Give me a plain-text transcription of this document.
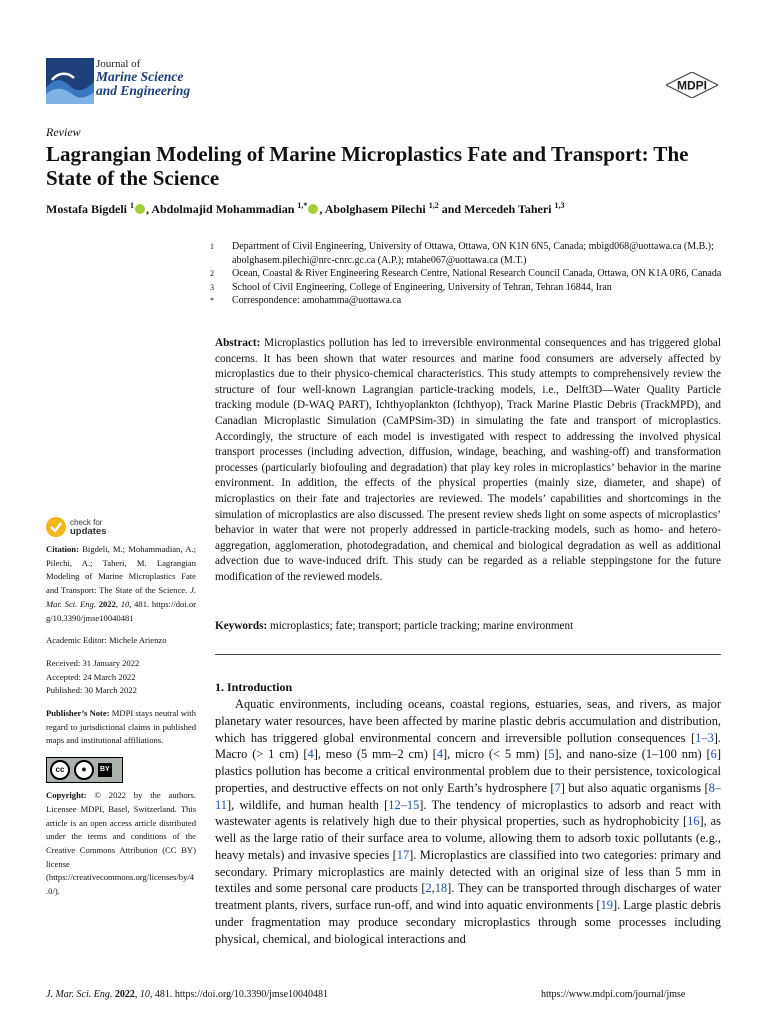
Journal of
Marine Science
and Engineering	MDPI
Review
Lagrangian Modeling of Marine Microplastics Fate and Transport: The State of the Science
Mostafa Bigdeli $^1$ , Abdolmajid Mohammadian $^{1,*}$ , Abolghasem Pilechi $^{1,2}$ and Mercedeh Taheri $^{1,3}$
1	Department of Civil Engineering, University of Ottawa, Ottawa, ON K1N 6N5, Canada; mbigd068@uottawa.ca (M.B.); abolghasem.pilechi@nrc-cnrc.gc.ca (A.P.); mtahe067@uottawa.ca (M.T.)
2	Ocean, Coastal & River Engineering Research Centre, National Research Council Canada, Ottawa, ON K1A 0R6, Canada
3	School of Civil Engineering, College of Engineering, University of Tehran, Tehran 16844, Iran
*	Correspondence: amohamma@uottawa.ca
Abstract: Microplastics pollution has led to irreversible environmental consequences and has triggered global concerns. It has been shown that water resources and marine food consumers are adversely affected by microplastics due to their physico-chemical characteristics. This study attempts to comprehensively review the structure of four well-known Lagrangian particle-tracking models, i.e., Delft3D—Water Quality Particle tracking module (D-WAQ PART), Ichthyoplankton (Ichthyop), Track Marine Plastic Debris (TrackMPD), and Canadian Microplastic Simulation (CaMPSim-3D) in simulating the fate and transport of microplastics. Accordingly, the structure of each model is investigated with respect to addressing the involved physical transport processes (including advection, diffusion, windage, beaching, and washing-off) and transformation processes (particularly biofouling and degradation) that play key roles in microplastics’ behavior in the marine environment. In addition, the effects of the physical properties (mainly size, diameter, and shape) of microplastics on their fate and trajectories are reviewed. The models’ capabilities and shortcomings in the simulation of microplastics are also discussed. The present review sheds light on some aspects of microplastics’ behavior in water that were not properly addressed in particle-tracking models, such as homo- and hetero-aggregation, agglomeration, photodegradation, and chemical and biological degradation as well as additional advection due to wave-induced drift. This study can be regarded as a reliable steppingstone for the future modification of the reviewed models.
Keywords: microplastics; fate; transport; particle tracking; marine environment
check for
updates
Citation: Bigdeli, M.; Mohammadian, A.; Pilechi, A.; Taheri, M. Lagrangian Modeling of Marine Microplastics Fate and Transport: The State of the Science. J. Mar. Sci. Eng. 2022, 10, 481. https://doi.org/10.3390/jmse10040481
Academic Editor: Michele Arienzo
Received: 31 January 2022
Accepted: 24 March 2022
Published: 30 March 2022
Publisher’s Note: MDPI stays neutral with regard to jurisdictional claims in published maps and institutional affiliations.
cc	●	BY
Copyright: © 2022 by the authors. Licensee MDPI, Basel, Switzerland. This article is an open access article distributed under the terms and conditions of the Creative Commons Attribution (CC BY) license (https://creativecommons.org/licenses/by/4.0/).
1. Introduction
Aquatic environments, including oceans, coastal regions, estuaries, seas, and rivers, as major planetary water resources, have been affected by marine plastic debris accumulation and distribution, which has triggered global environmental concern and irreversible pollution consequences [1–3]. Macro (> 1 cm) [4], meso (5 mm–2 cm) [4], micro (< 5 mm) [5], and nano-size (1–100 nm) [6] plastics pollution has become a critical environmental problem due to their persistence, toxicological properties, and destructive effects on not only Earth’s hydrosphere [7] but also aquatic organisms [8–11], wildlife, and human health [12–15]. The tendency of microplastics to adsorb and react with wastewater agents is relatively high due to their physical properties, such as hydrophobicity [16], as well as the large ratio of their surface area to volume, allowing them to adsorb toxic pollutants (e.g., heavy metals) and invasive species [17]. Microplastics are classified into two categories: primary and secondary. Primary microplastics are mainly detected with an original size of less than 5 mm in textiles and some personal care products [2,18]. They can be transported through discharges of water treatment plants, rivers, surface run-off, and wind into aquatic environments [19]. Large plastic debris under fragmentation may produce secondary microplastics through some processes including physical, chemical, and biological interactions and
J. Mar. Sci. Eng. 2022, 10, 481. https://doi.org/10.3390/jmse10040481	https://www.mdpi.com/journal/jmse
